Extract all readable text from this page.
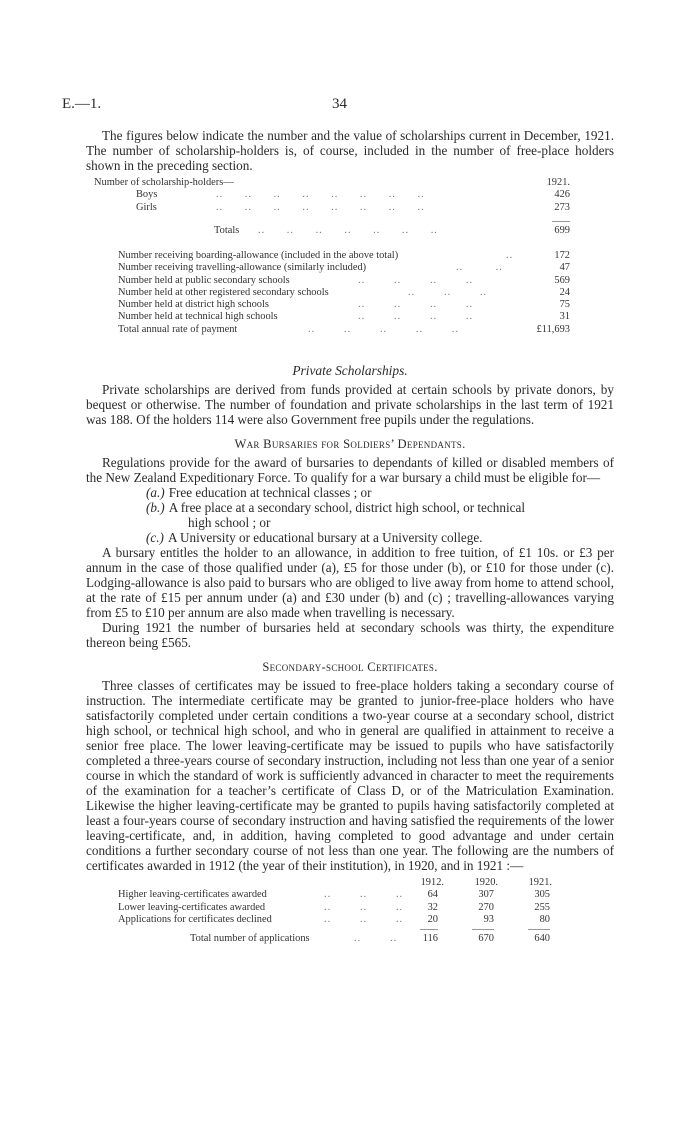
E.—1.	34

The figures below indicate the number and the value of scholarships current in December, 1921. The number of scholarship-holders is, of course, included in the number of free-place holders shown in the preceding section.

Number of scholarship-holders—	1921.
Boys	..      ..      ..      ..      ..      ..      ..      ..	426
Girls	..      ..      ..      ..      ..      ..      ..      ..	273
Totals ..      ..      ..      ..      ..      ..      ..	699
Number receiving boarding-allowance (included in the above total)	..	172
Number receiving travelling-allowance (similarly included)	..         ..	47
Number held at public secondary schools	..        ..        ..        ..	569
Number held at other registered secondary schools	..        ..        ..	24
Number held at district high schools	..        ..        ..        ..	75
Number held at technical high schools	..        ..        ..        ..	31
Total annual rate of payment	..        ..        ..        ..        ..	£11,693
Private Scholarships.

Private scholarships are derived from funds provided at certain schools by private donors, by bequest or otherwise. The number of foundation and private scholarships in the last term of 1921 was 188. Of the holders 114 were also Government free pupils under the regulations.

War Bursaries for Soldiers’ Dependants.

Regulations provide for the award of bursaries to dependants of killed or disabled members of the New Zealand Expeditionary Force. To qualify for a war bursary a child must be eligible for—

(a.) Free education at technical classes ; or
(b.) A free place at a secondary school, district high school, or technical
high school ; or
(c.) A University or educational bursary at a University college.

A bursary entitles the holder to an allowance, in addition to free tuition, of £1 10s. or £3 per annum in the case of those qualified under (a), £5 for those under (b), or £10 for those under (c). Lodging-allowance is also paid to bursars who are obliged to live away from home to attend school, at the rate of £15 per annum under (a) and £30 under (b) and (c) ; travelling-allowances varying from £5 to £10 per annum are also made when travelling is necessary.

During 1921 the number of bursaries held at secondary schools was thirty, the expenditure thereon being £565.

Secondary-school Certificates.

Three classes of certificates may be issued to free-place holders taking a secondary course of instruction. The intermediate certificate may be granted to junior-free-place holders who have satisfactorily completed under certain conditions a two-year course at a secondary school, district high school, or technical high school, and who in general are qualified in attainment to receive a senior free place. The lower leaving-certificate may be issued to pupils who have satisfactorily completed a three-years course of secondary instruction, including not less than one year of a senior course in which the standard of work is sufficiently advanced in character to meet the requirements of the examination for a teacher’s certificate of Class D, or of the Matriculation Examination. Likewise the higher leaving-certificate may be granted to pupils having satisfactorily completed at least a four-years course of secondary instruction and having satisfied the requirements of the lower leaving-certificate, and, in addition, having completed to good advantage and under certain conditions a further secondary course of not less than one year. The following are the numbers of certificates awarded in 1912 (the year of their institution), in 1920, and in 1921 :—

1912.	1920.	1921.
Higher leaving-certificates awarded	..        ..        ..	64	307	305
Lower leaving-certificates awarded	..        ..        ..	32	270	255
Applications for certificates declined	..        ..        ..	20	93	80
Total number of applications	..        ..	116	670	640
